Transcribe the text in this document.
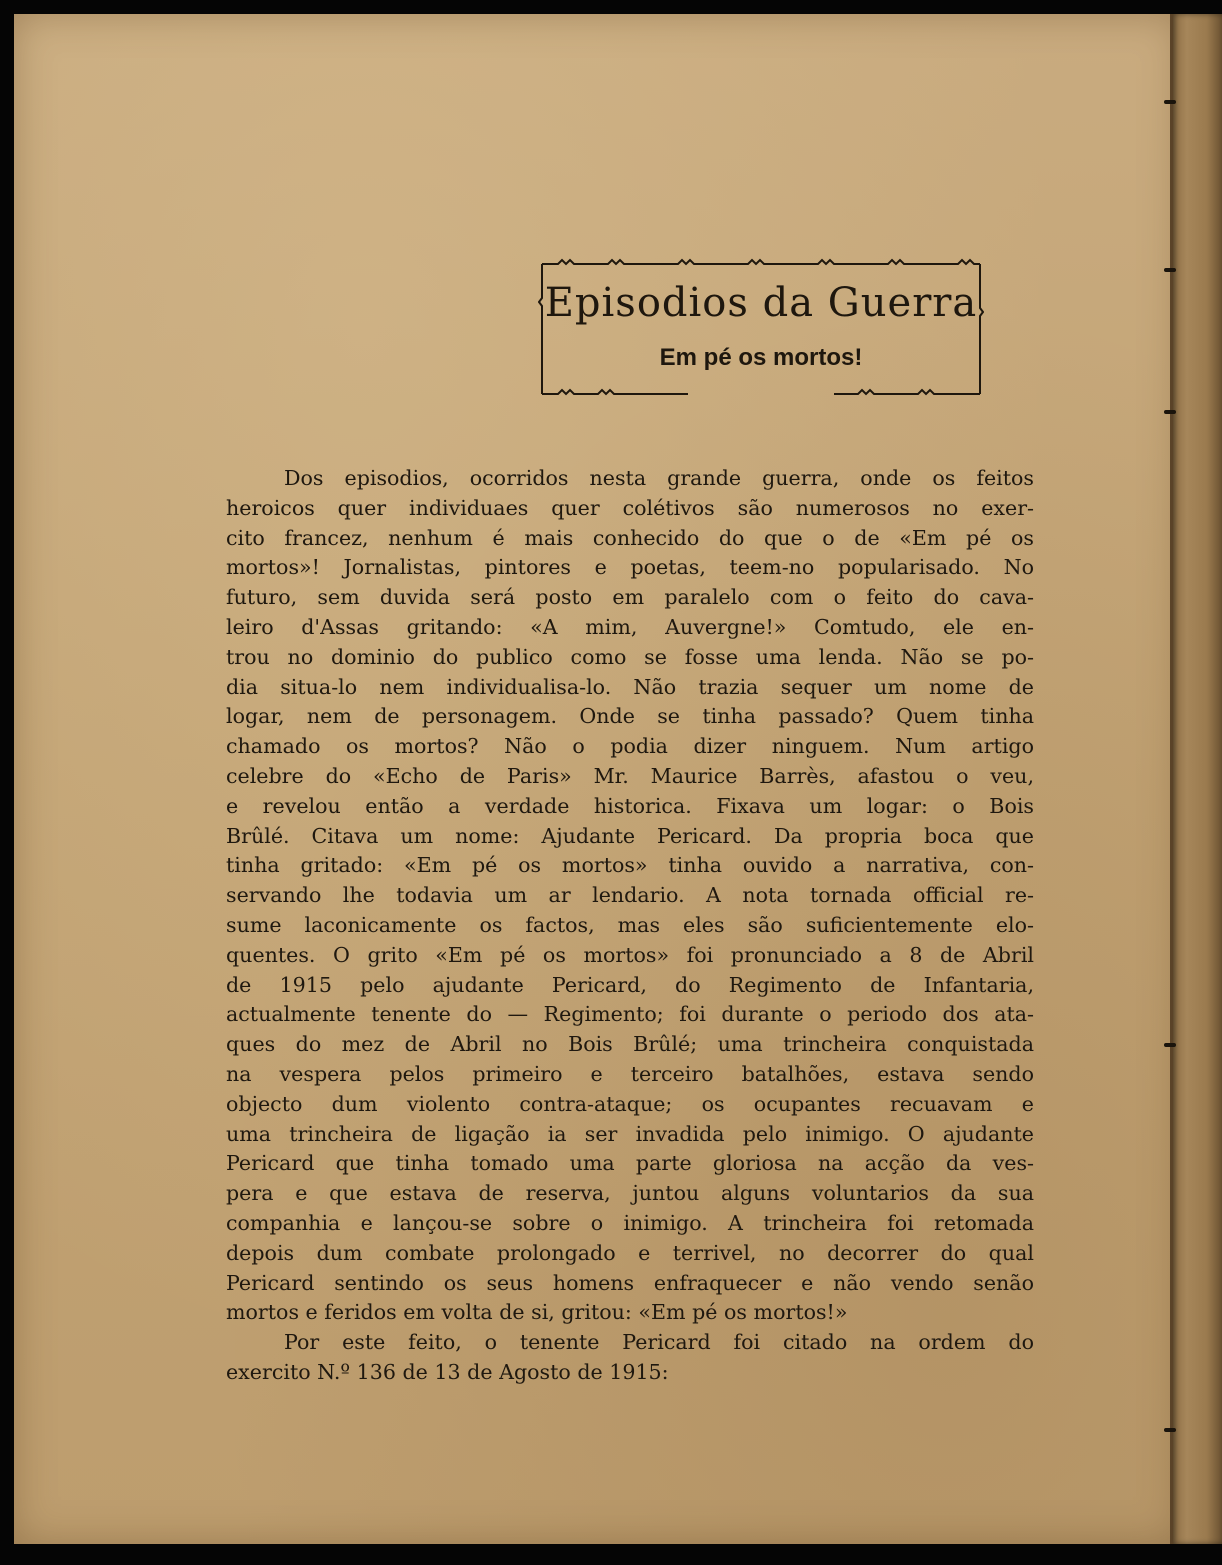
Episodios da Guerra
Em pé os mortos!
Dos episodios, ocorridos nesta grande guerra, onde os feitos
heroicos quer individuaes quer colétivos são numerosos no exer-
cito francez, nenhum é mais conhecido do que o de «Em pé os
mortos»! Jornalistas, pintores e poetas, teem-no popularisado. No
futuro, sem duvida será posto em paralelo com o feito do cava-
leiro d'Assas gritando: «A mim, Auvergne!» Comtudo, ele en-
trou no dominio do publico como se fosse uma lenda. Não se po-
dia situa-lo nem individualisa-lo. Não trazia sequer um nome de
logar, nem de personagem. Onde se tinha passado? Quem tinha
chamado os mortos? Não o podia dizer ninguem. Num artigo
celebre do «Echo de Paris» Mr. Maurice Barrès, afastou o veu,
e revelou então a verdade historica. Fixava um logar: o Bois
Brûlé. Citava um nome: Ajudante Pericard. Da propria boca que
tinha gritado: «Em pé os mortos» tinha ouvido a narrativa, con-
servando lhe todavia um ar lendario. A nota tornada official re-
sume laconicamente os factos, mas eles são suficientemente elo-
quentes. O grito «Em pé os mortos» foi pronunciado a 8 de Abril
de 1915 pelo ajudante Pericard, do Regimento de Infantaria,
actualmente tenente do — Regimento; foi durante o periodo dos ata-
ques do mez de Abril no Bois Brûlé; uma trincheira conquistada
na vespera pelos primeiro e terceiro batalhões, estava sendo
objecto dum violento contra-ataque; os ocupantes recuavam e
uma trincheira de ligação ia ser invadida pelo inimigo. O ajudante
Pericard que tinha tomado uma parte gloriosa na acção da ves-
pera e que estava de reserva, juntou alguns voluntarios da sua
companhia e lançou-se sobre o inimigo. A trincheira foi retomada
depois dum combate prolongado e terrivel, no decorrer do qual
Pericard sentindo os seus homens enfraquecer e não vendo senão
mortos e feridos em volta de si, gritou: «Em pé os mortos!»
Por este feito, o tenente Pericard foi citado na ordem do
exercito N.º 136 de 13 de Agosto de 1915:
